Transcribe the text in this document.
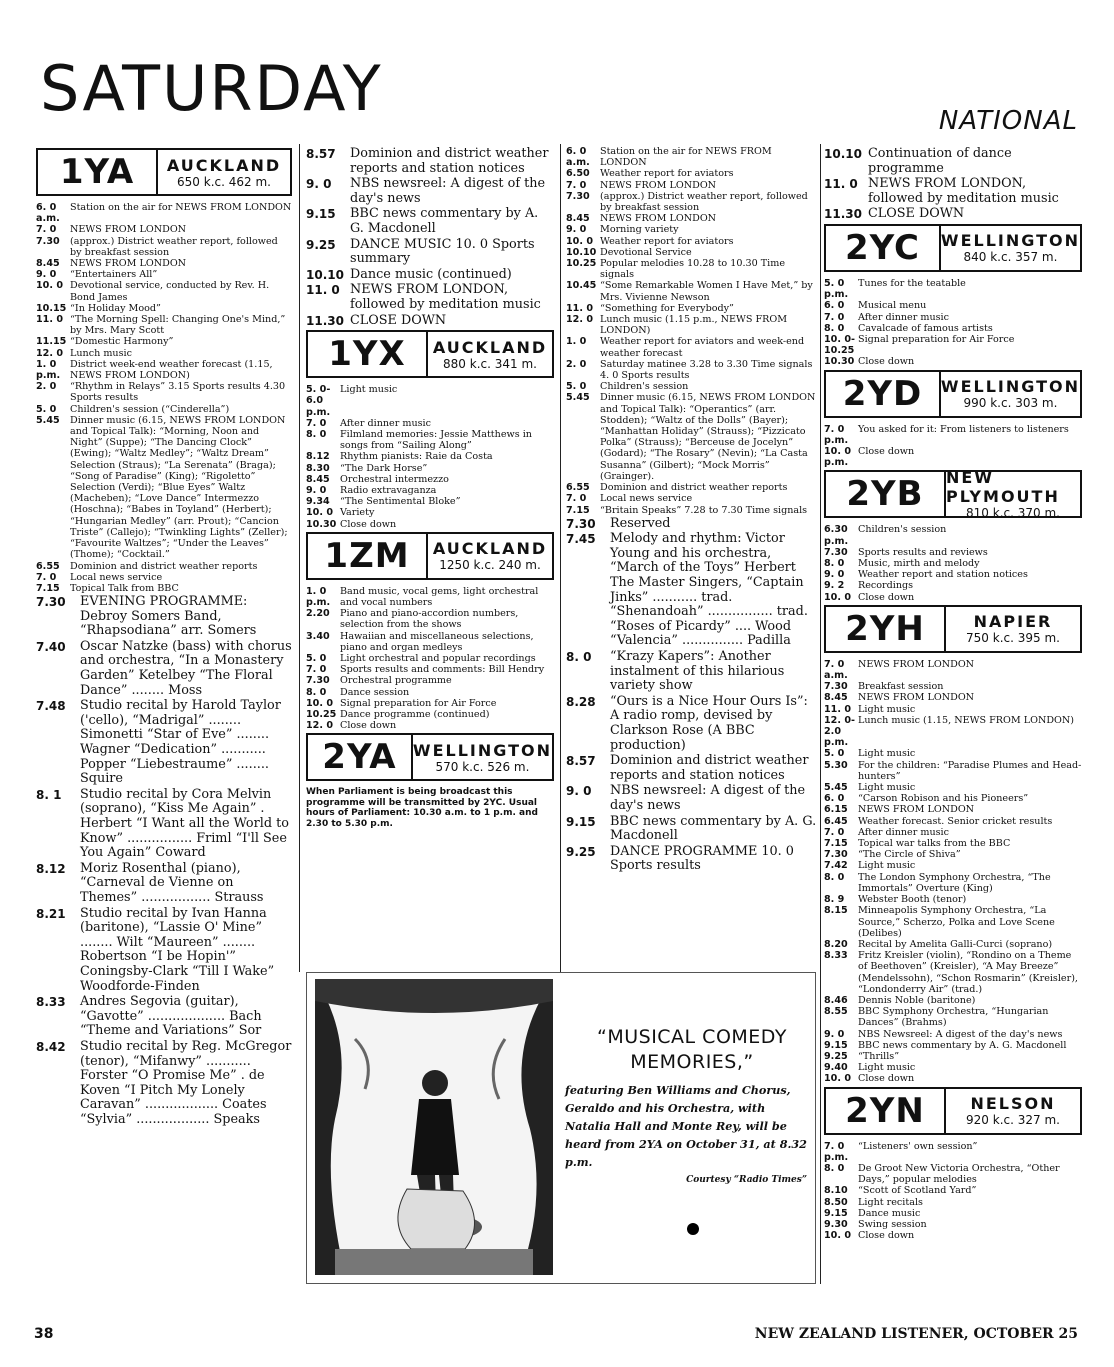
SATURDAY	NATIONAL
1YA	AUCKLAND
650 k.c. 462 m.
6. 0 a.m.
Station on the air for NEWS FROM LONDON
7. 0	NEWS FROM LONDON
7.30	(approx.) District weather report, followed by breakfast session
8.45	NEWS FROM LONDON
9. 0	“Entertainers All”
10. 0 Devotional service, conducted by Rev. H. Bond James
10.15 “In Holiday Mood”
11. 0 “The Morning Spell: Changing One's Mind,” by Mrs. Mary Scott
11.15 “Domestic Harmony”
12. 0 Lunch music
1. 0 p.m.
District week-end weather forecast (1.15, NEWS FROM LONDON)
2. 0	“Rhythm in Relays” 3.15 Sports results 4.30 Sports results
5. 0	Children's session (“Cinderella”)
5.45	Dinner music (6.15, NEWS FROM LONDON and Topical Talk): “Morning, Noon and Night” (Suppe); “The Dancing Clock” (Ewing); “Waltz Medley”; “Waltz Dream” Selection (Straus); “La Serenata” (Braga); “Song of Paradise” (King); “Rigoletto” Selection (Verdi); “Blue Eyes” Waltz (Macheben); “Love Dance” Intermezzo (Hoschna); “Babes in Toyland” (Herbert); “Hungarian Medley” (arr. Prout); “Cancion Triste” (Callejo); “Twinkling Lights” (Zeller); “Favourite Waltzes”; “Under the Leaves” (Thome); “Cocktail.”
6.55	Dominion and district weather reports
7. 0	Local news service
7.15	Topical Talk from BBC
7.30	EVENING PROGRAMME: Debroy Somers Band, “Rhapsodiana” arr. Somers
7.40	Oscar Natzke (bass) with chorus and orchestra, “In a Monastery Garden” Ketelbey “The Floral Dance” ........ Moss
7.48	Studio recital by Harold Taylor ('cello), “Madrigal” ........ Simonetti “Star of Eve” ........ Wagner “Dedication” ........... Popper “Liebestraume” ........ Squire
8. 1	Studio recital by Cora Melvin (soprano), “Kiss Me Again” . Herbert “I Want all the World to Know” ................ Friml “I'll See You Again” Coward
8.12	Moriz Rosenthal (piano), “Carneval de Vienne on Themes” ................. Strauss
8.21	Studio recital by Ivan Hanna (baritone), “Lassie O' Mine” ........ Wilt “Maureen” ........ Robertson “I be Hopin'” Coningsby-Clark “Till I Wake” Woodforde-Finden
8.33	Andres Segovia (guitar), “Gavotte” ................... Bach “Theme and Variations” Sor
8.42	Studio recital by Reg. McGregor (tenor), “Mifanwy” ........... Forster “O Promise Me” . de Koven “I Pitch My Lonely Caravan” .................. Coates “Sylvia” .................. Speaks
8.57	Dominion and district weather reports and station notices
9. 0	NBS newsreel: A digest of the day's news
9.15	BBC news commentary by A. G. Macdonell
9.25	DANCE MUSIC 10. 0 Sports summary
10.10 Dance music (continued)
11. 0 NEWS FROM LONDON, followed by meditation music
11.30 CLOSE DOWN
1YX	AUCKLAND
880 k.c. 341 m.
5. 0-6.0 p.m.
Light music
7. 0	After dinner music
8. 0	Filmland memories: Jessie Matthews in songs from “Sailing Along”
8.12	Rhythm pianists: Raie da Costa
8.30	“The Dark Horse”
8.45	Orchestral intermezzo
9. 0	Radio extravaganza
9.34	“The Sentimental Bloke”
10. 0 Variety
10.30 Close down
1ZM	AUCKLAND
1250 k.c. 240 m.
1. 0 p.m.
Band music, vocal gems, light orchestral and vocal numbers
2.20	Piano and piano-accordion numbers, selection from the shows
3.40	Hawaiian and miscellaneous selections, piano and organ medleys
5. 0	Light orchestral and popular recordings
7. 0	Sports results and comments: Bill Hendry
7.30	Orchestral programme
8. 0	Dance session
10. 0 Signal preparation for Air Force
10.25 Dance programme (continued)
12. 0 Close down
2YA	WELLINGTON
570 k.c. 526 m.
When Parliament is being broadcast this programme will be transmitted by 2YC. Usual hours of Parliament: 10.30 a.m. to 1 p.m. and 2.30 to 5.30 p.m.
6. 0 a.m.
Station on the air for NEWS FROM LONDON
6.50	Weather report for aviators
7. 0	NEWS FROM LONDON
7.30	(approx.) District weather report, followed by breakfast session
8.45	NEWS FROM LONDON
9. 0	Morning variety
10. 0 Weather report for aviators
10.10 Devotional Service
10.25 Popular melodies 10.28 to 10.30 Time signals
10.45 “Some Remarkable Women I Have Met,” by Mrs. Vivienne Newson
11. 0 “Something for Everybody”
12. 0 Lunch music (1.15 p.m., NEWS FROM LONDON)
1. 0	Weather report for aviators and week-end weather forecast
2. 0	Saturday matinee 3.28 to 3.30 Time signals 4. 0 Sports results
5. 0	Children's session
5.45	Dinner music (6.15, NEWS FROM LONDON and Topical Talk): “Operantics” (arr. Stodden); “Waltz of the Dolls” (Bayer); “Manhattan Holiday” (Strauss); “Pizzicato Polka” (Strauss); “Berceuse de Jocelyn” (Godard); “The Rosary” (Nevin); “La Casta Susanna” (Gilbert); “Mock Morris” (Grainger).
6.55	Dominion and district weather reports
7. 0	Local news service
7.15	“Britain Speaks” 7.28 to 7.30 Time signals
7.30	Reserved
7.45	Melody and rhythm: Victor Young and his orchestra, “March of the Toys” Herbert The Master Singers, “Captain Jinks” ........... trad. “Shenandoah” ................ trad. “Roses of Picardy” .... Wood “Valencia” ............... Padilla
8. 0	“Krazy Kapers”: Another instalment of this hilarious variety show
8.28	“Ours is a Nice Hour Ours Is”: A radio romp, devised by Clarkson Rose (A BBC production)
8.57	Dominion and district weather reports and station notices
9. 0	NBS newsreel: A digest of the day's news
9.15	BBC news commentary by A. G. Macdonell
9.25	DANCE PROGRAMME 10. 0 Sports results
10.10 Continuation of dance programme
11. 0 NEWS FROM LONDON, followed by meditation music
11.30 CLOSE DOWN
2YC	WELLINGTON
840 k.c. 357 m.
5. 0 p.m.
Tunes for the teatable
6. 0	Musical menu
7. 0	After dinner music
8. 0	Cavalcade of famous artists
10. 0-10.25
Signal preparation for Air Force
10.30 Close down
2YD	WELLINGTON
990 k.c. 303 m.
7. 0 p.m.
You asked for it: From listeners to listeners
10. 0 p.m.
Close down
2YB	NEW PLYMOUTH
810 k.c. 370 m.
6.30 p.m.
Children's session
7.30	Sports results and reviews
8. 0	Music, mirth and melody
9. 0	Weather report and station notices
9. 2	Recordings
10. 0 Close down
2YH	NAPIER
750 k.c. 395 m.
7. 0 a.m.
NEWS FROM LONDON
7.30	Breakfast session
8.45	NEWS FROM LONDON
11. 0 Light music
12. 0-2.0 p.m.
Lunch music (1.15, NEWS FROM LONDON)
5. 0	Light music
5.30	For the children: “Paradise Plumes and Head-hunters”
5.45	Light music
6. 0	“Carson Robison and his Pioneers”
6.15	NEWS FROM LONDON
6.45	Weather forecast. Senior cricket results
7. 0	After dinner music
7.15	Topical war talks from the BBC
7.30	“The Circle of Shiva”
7.42	Light music
8. 0	The London Symphony Orchestra, “The Immortals” Overture (King)
8. 9	Webster Booth (tenor)
8.15	Minneapolis Symphony Orchestra, “La Source,” Scherzo, Polka and Love Scene (Delibes)
8.20	Recital by Amelita Galli-Curci (soprano)
8.33	Fritz Kreisler (violin), “Rondino on a Theme of Beethoven” (Kreisler), “A May Breeze” (Mendelssohn), “Schon Rosmarin” (Kreisler), “Londonderry Air” (trad.)
8.46	Dennis Noble (baritone)
8.55	BBC Symphony Orchestra, “Hungarian Dances” (Brahms)
9. 0	NBS Newsreel: A digest of the day's news
9.15	BBC news commentary by A. G. Macdonell
9.25	“Thrills”
9.40	Light music
10. 0 Close down
2YN	NELSON
920 k.c. 327 m.
7. 0 p.m.
“Listeners' own session”
8. 0	De Groot New Victoria Orchestra, “Other Days,” popular melodies
8.10	“Scott of Scotland Yard”
8.50	Light recitals
9.15	Dance music
9.30	Swing session
10. 0 Close down
“MUSICAL COMEDY MEMORIES,”
featuring Ben Williams and Chorus, Geraldo and his Orchestra, with Natalia Hall and Monte Rey, will be heard from 2YA on October 31, at 8.32 p.m.
Courtesy “Radio Times”
38	NEW ZEALAND LISTENER, OCTOBER 25
